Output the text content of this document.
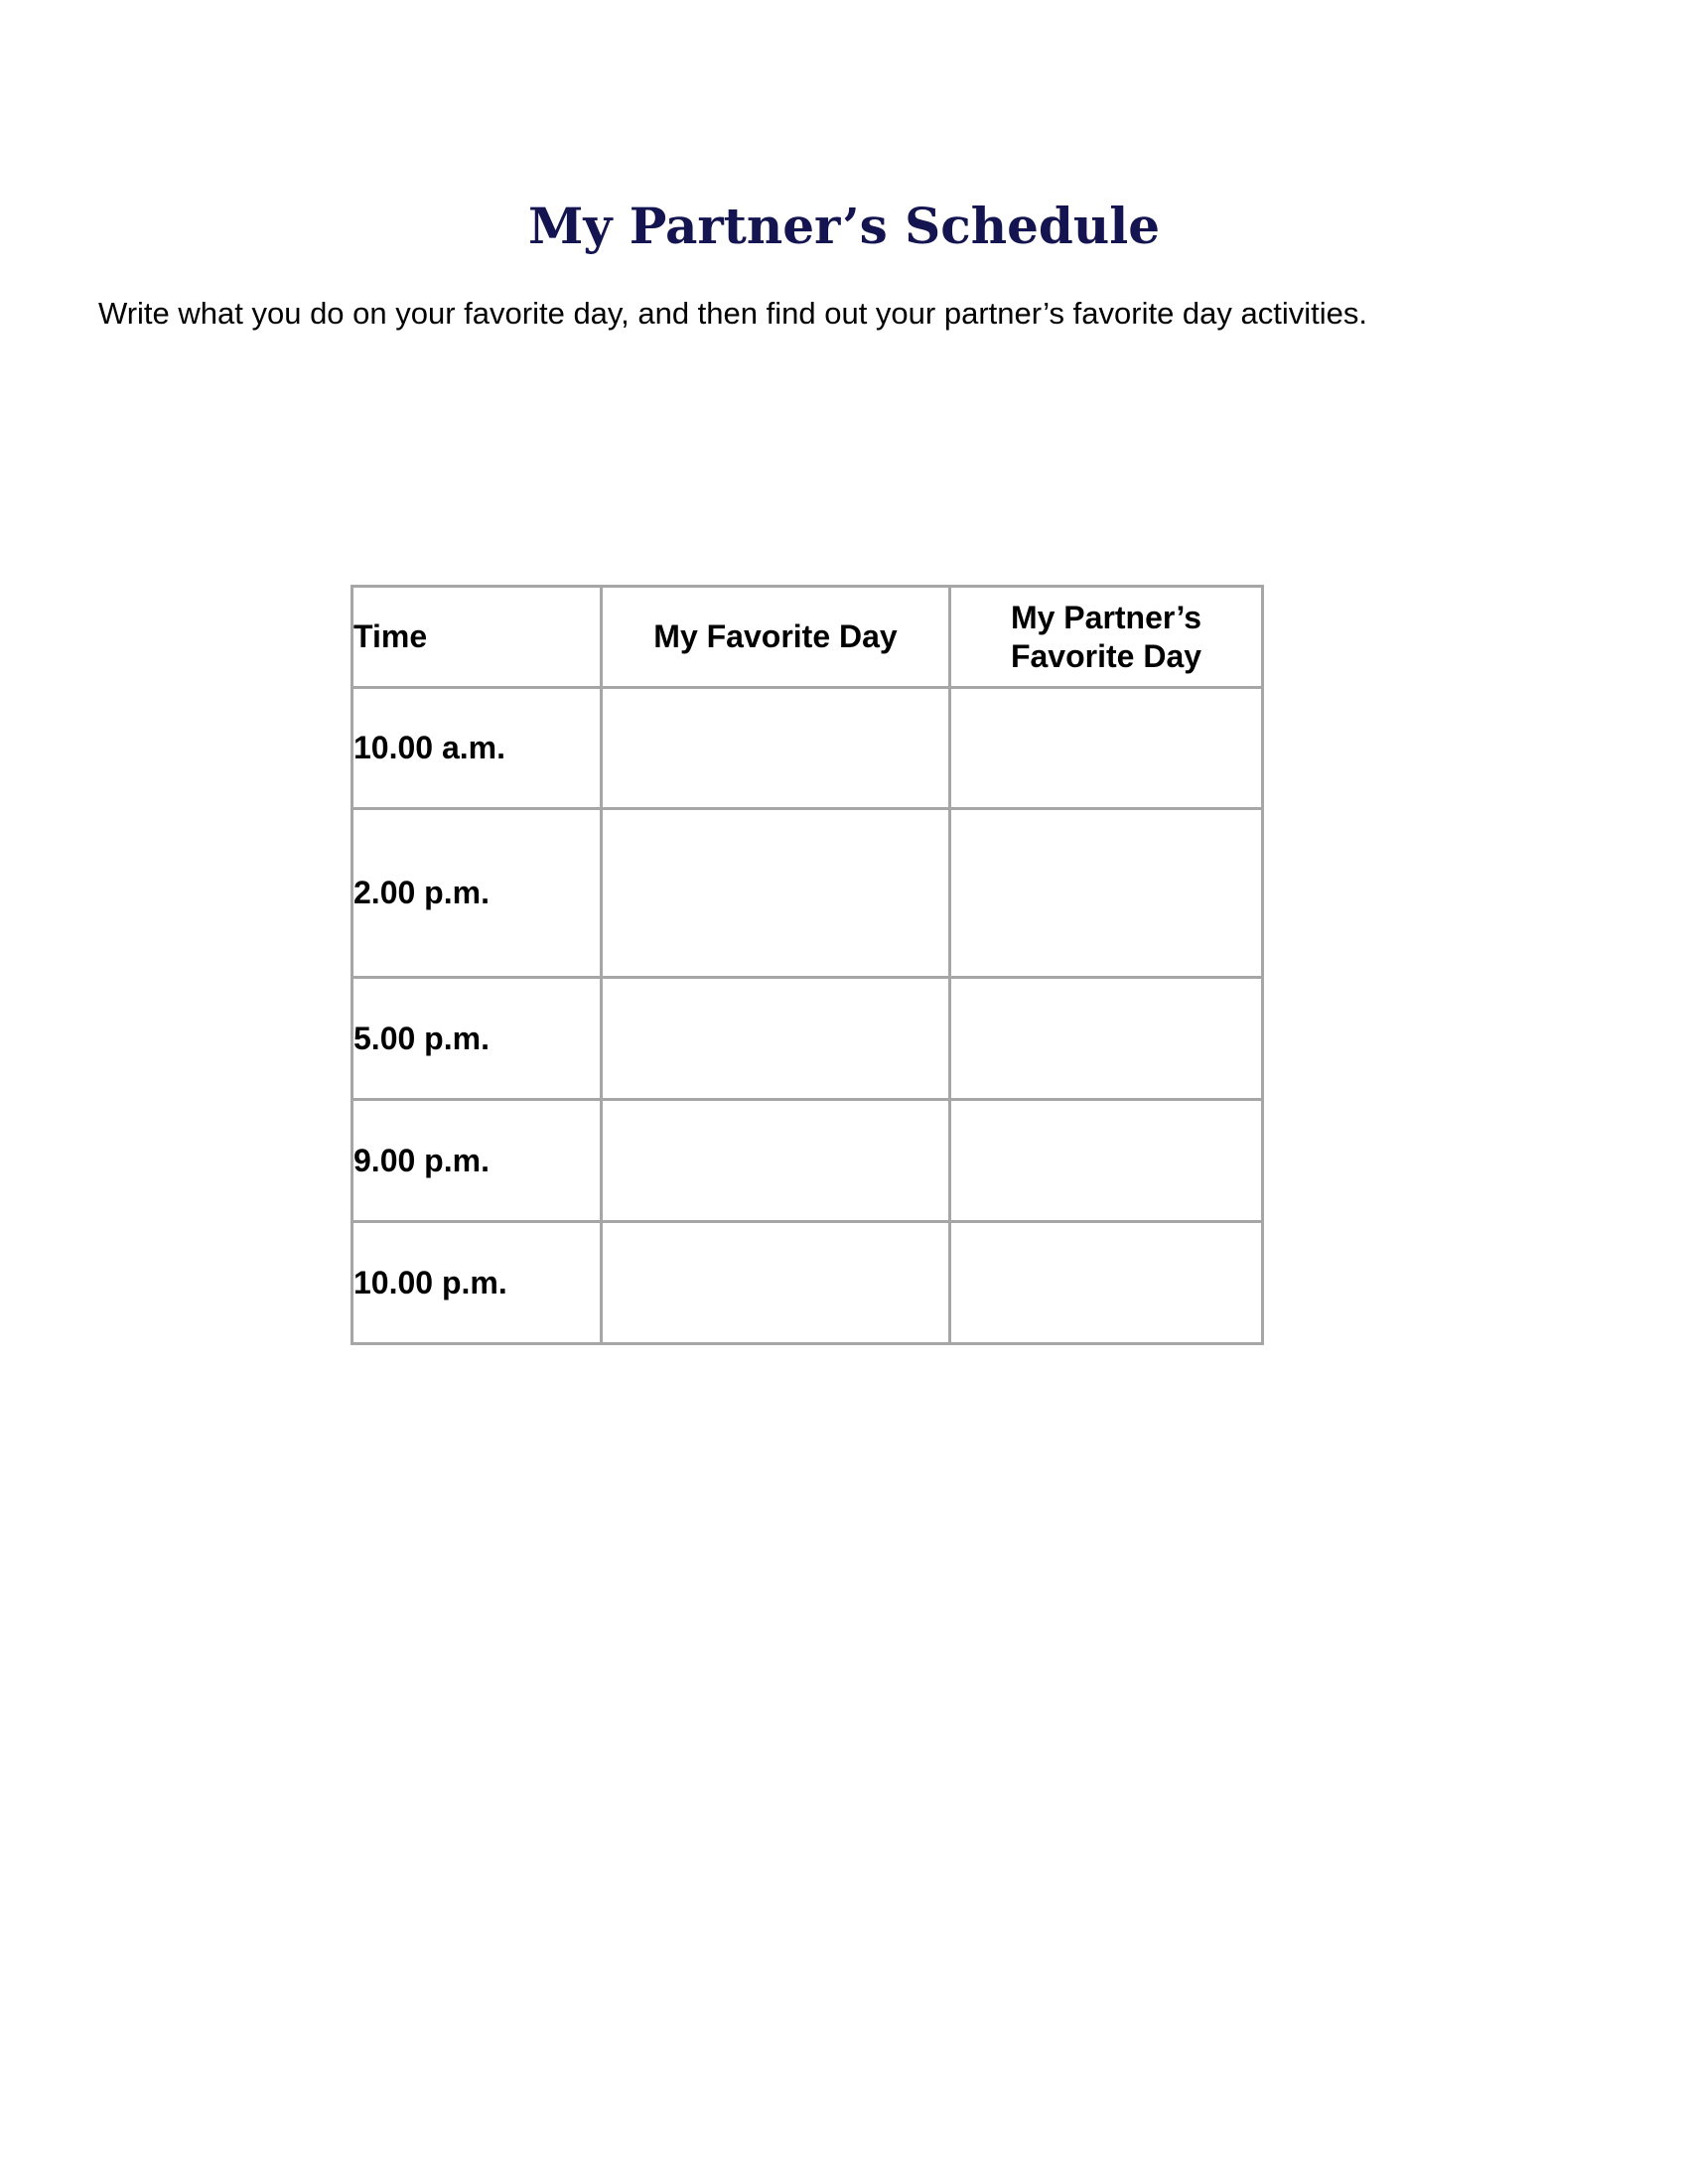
My Partner’s Schedule

Write what you do on your favorite day, and then find out your partner’s favorite day activities.

Time	My Favorite Day	My Partner’s
Favorite Day
10.00 a.m.		
2.00 p.m.		
5.00 p.m.		
9.00 p.m.		
10.00 p.m.		
